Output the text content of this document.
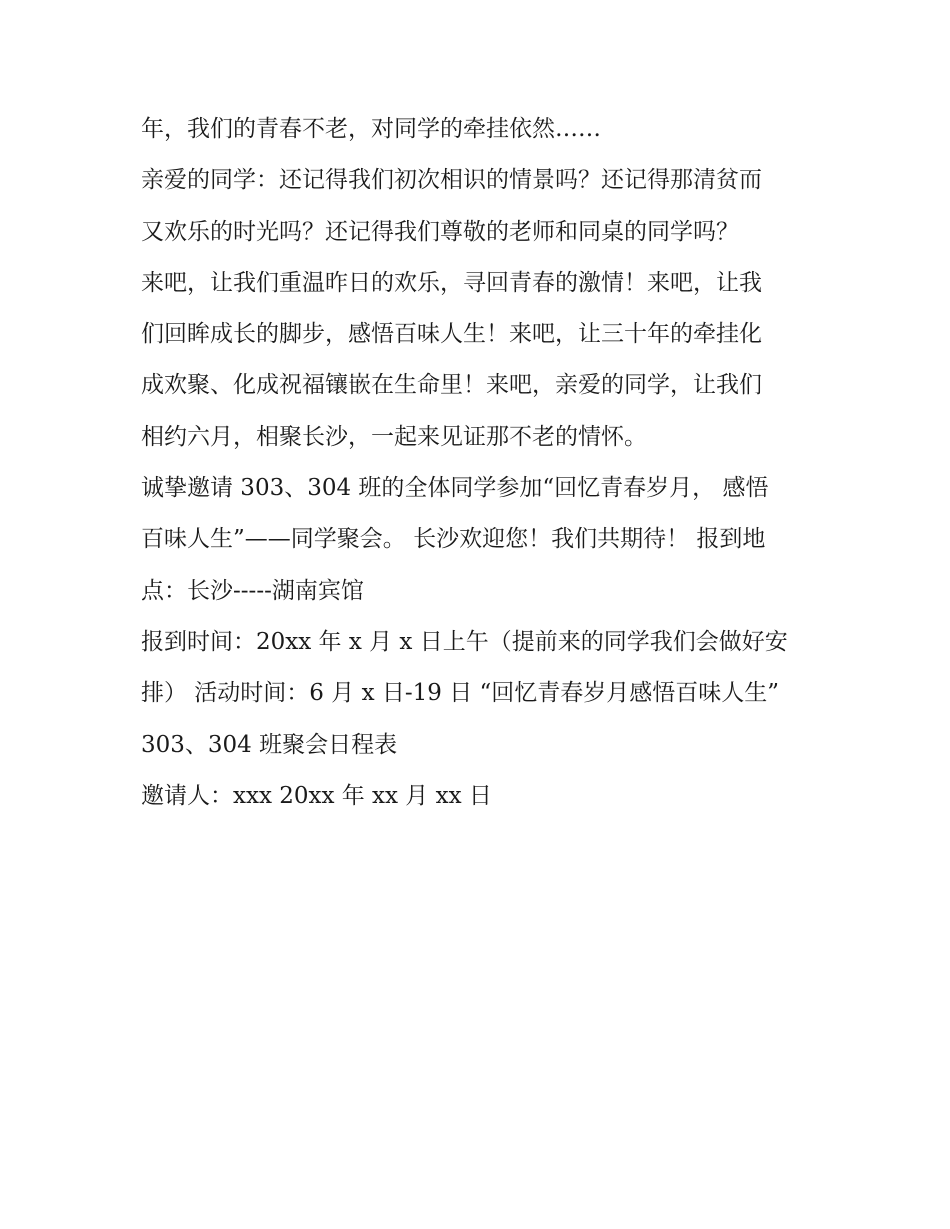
年，我们的青春不老，对同学的牵挂依然……
亲爱的同学：还记得我们初次相识的情景吗？还记得那清贫而
又欢乐的时光吗？还记得我们尊敬的老师和同桌的同学吗？
来吧，让我们重温昨日的欢乐，寻回青春的激情！来吧，让我
们回眸成长的脚步，感悟百味人生！来吧，让三十年的牵挂化
成欢聚、化成祝福镶嵌在生命里！来吧，亲爱的同学，让我们
相约六月，相聚长沙，一起来见证那不老的情怀。
诚挚邀请 303、304 班的全体同学参加“回忆青春岁月， 感悟
百味人生”——同学聚会。 长沙欢迎您！我们共期待！ 报到地
点：长沙-----湖南宾馆
报到时间：20xx 年 x 月 x 日上午（提前来的同学我们会做好安
排） 活动时间：6 月 x 日-19 日 “回忆青春岁月感悟百味人生”
303、304 班聚会日程表
邀请人：xxx 20xx 年 xx 月 xx 日
